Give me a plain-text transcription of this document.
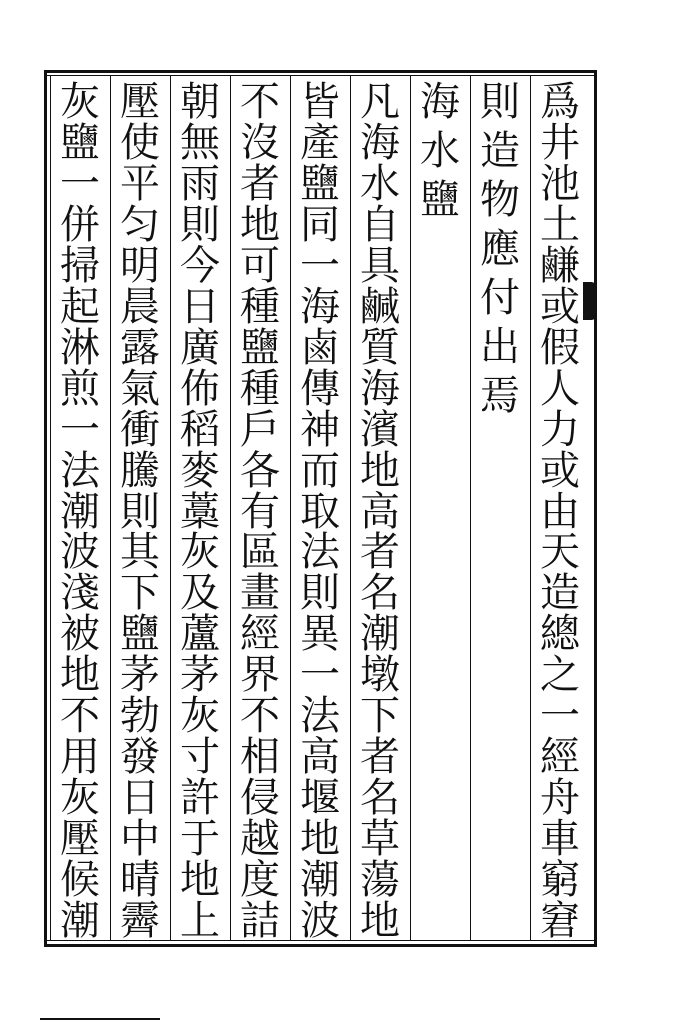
爲
井
池
土
鹻
或
假
人
力
或
由
天
造
總
之
一
經
舟
車
窮
窘
則
造
物
應
付
出
焉
海
水
鹽
凡
海
水
自
具
鹹
質
海
濱
地
高
者
名
潮
墩
下
者
名
草
蕩
地
皆
產
鹽
同
一
海
鹵
傳
神
而
取
法
則
異
一
法
高
堰
地
潮
波
不
沒
者
地
可
種
鹽
種
戶
各
有
區
畫
經
界
不
相
侵
越
度
詰
朝
無
雨
則
今
日
廣
佈
稻
麥
藁
灰
及
蘆
茅
灰
寸
許
于
地
上
壓
使
平
匀
明
晨
露
氣
衝
騰
則
其
下
鹽
茅
勃
發
日
中
晴
霽
灰
鹽
一
併
掃
起
淋
煎
一
法
潮
波
淺
被
地
不
用
灰
壓
候
潮
